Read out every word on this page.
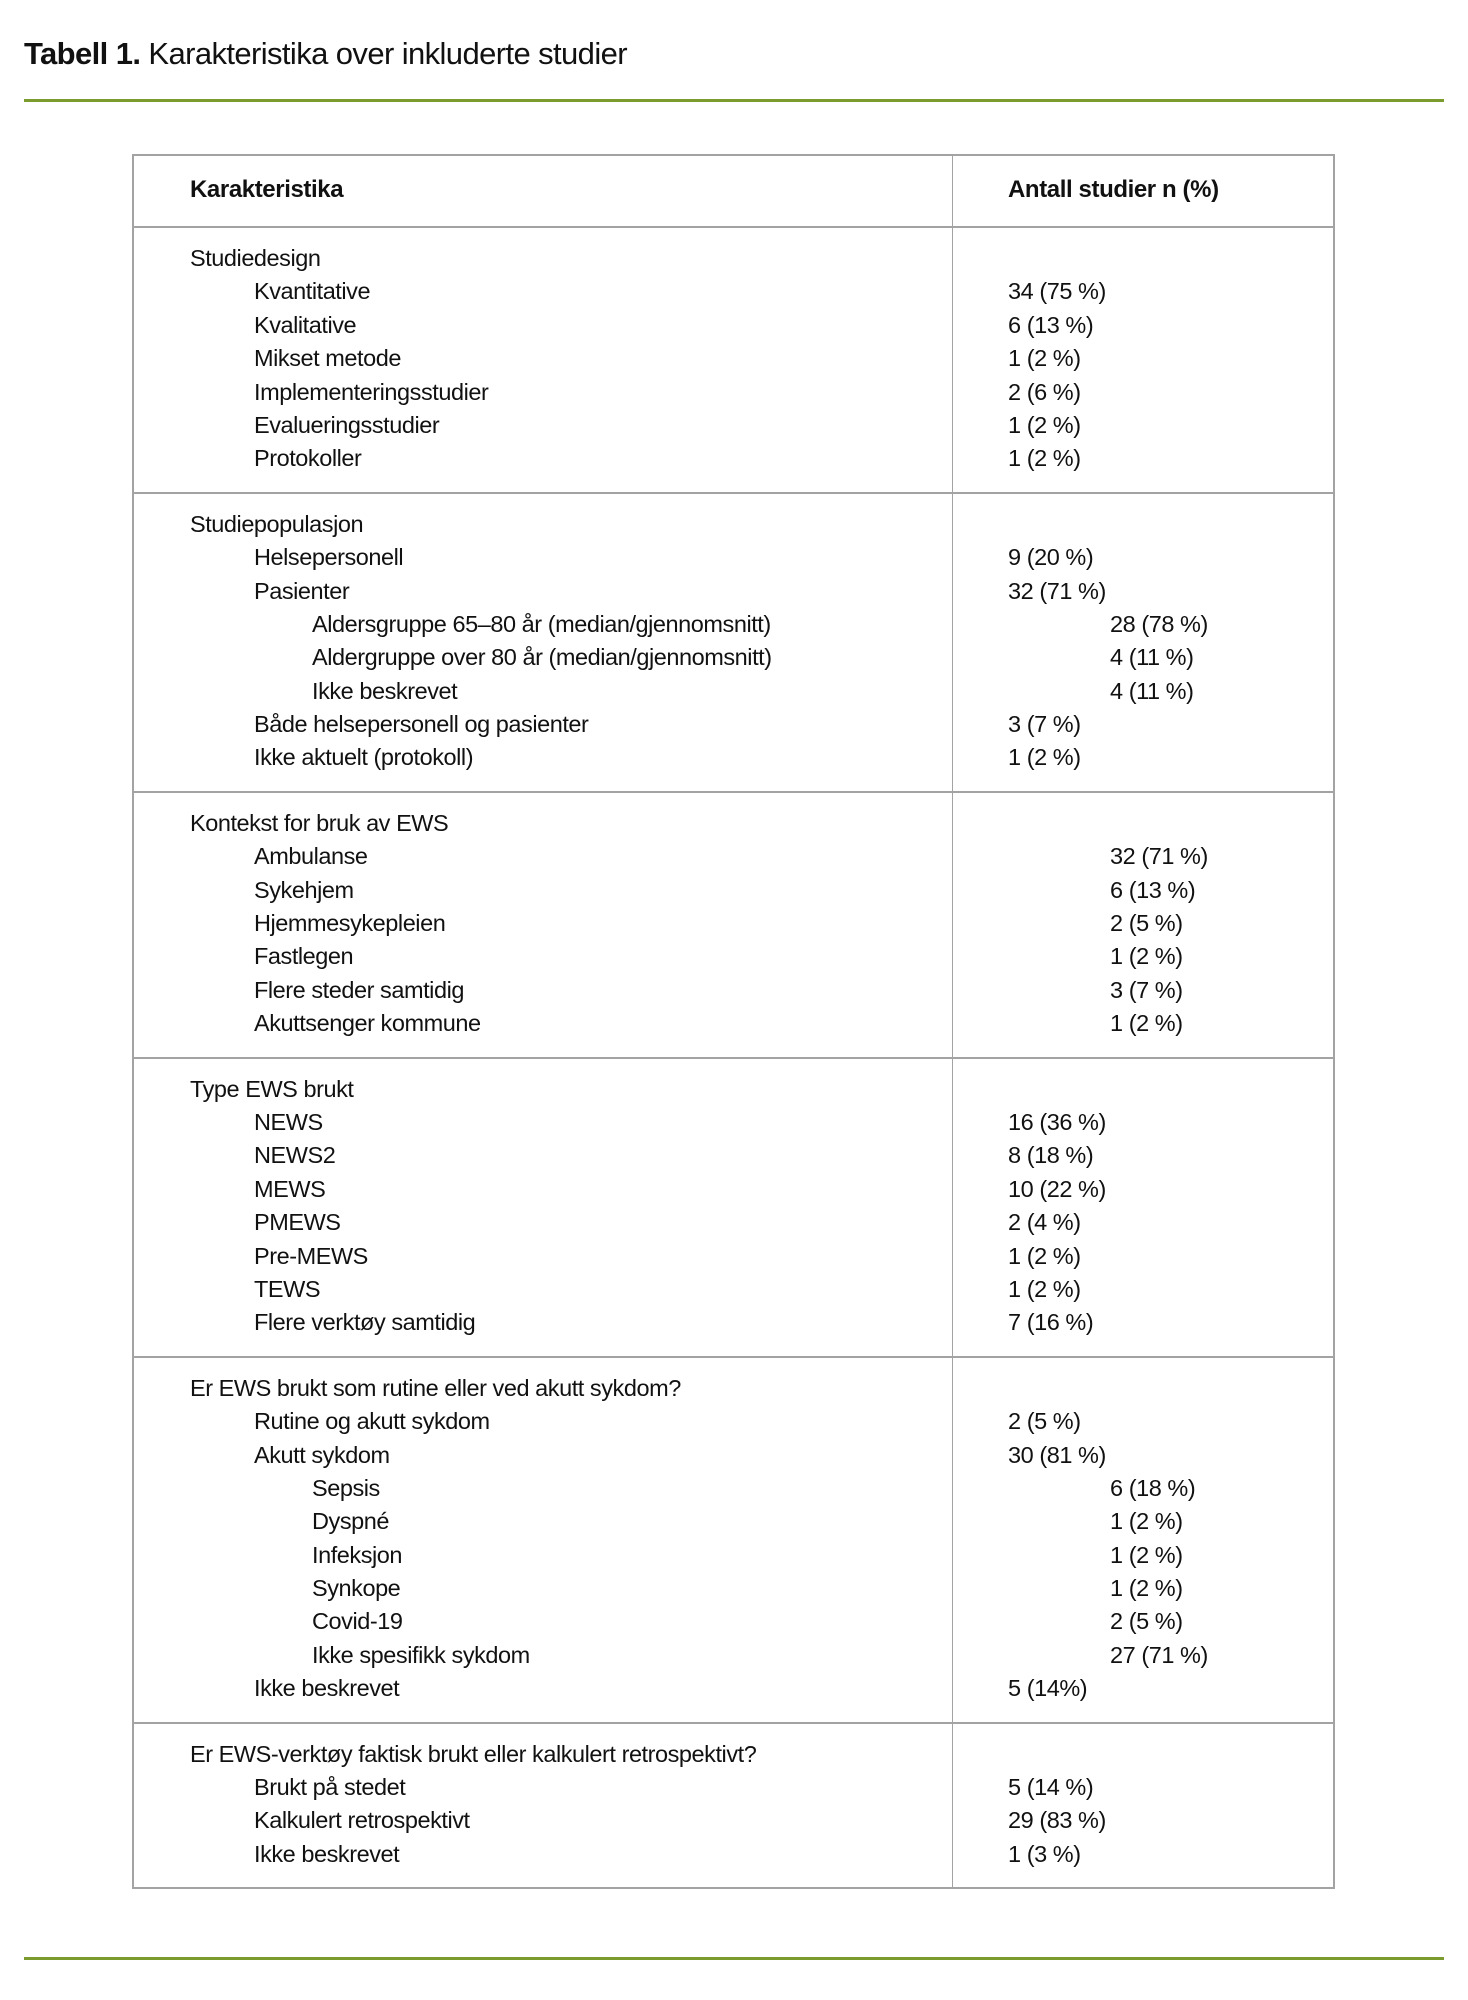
Tabell 1. Karakteristika over inkluderte studier
Karakteristika	Antall studier n (%)
Studiedesign
Kvantitative	34 (75 %)
Kvalitative	6 (13 %)
Mikset metode	1 (2 %)
Implementeringsstudier	2 (6 %)
Evalueringsstudier	1 (2 %)
Protokoller	1 (2 %)
Studiepopulasjon
Helsepersonell	9 (20 %)
Pasienter	32 (71 %)
Aldersgruppe 65–80 år (median/gjennomsnitt)	28 (78 %)
Aldergruppe over 80 år (median/gjennomsnitt)	4 (11 %)
Ikke beskrevet	4 (11 %)
Både helsepersonell og pasienter	3 (7 %)
Ikke aktuelt (protokoll)	1 (2 %)
Kontekst for bruk av EWS
Ambulanse	32 (71 %)
Sykehjem	6 (13 %)
Hjemmesykepleien	2 (5 %)
Fastlegen	1 (2 %)
Flere steder samtidig	3 (7 %)
Akuttsenger kommune	1 (2 %)
Type EWS brukt
NEWS	16 (36 %)
NEWS2	8 (18 %)
MEWS	10 (22 %)
PMEWS	2 (4 %)
Pre-MEWS	1 (2 %)
TEWS	1 (2 %)
Flere verktøy samtidig	7 (16 %)
Er EWS brukt som rutine eller ved akutt sykdom?
Rutine og akutt sykdom	2 (5 %)
Akutt sykdom	30 (81 %)
Sepsis	6 (18 %)
Dyspné	1 (2 %)
Infeksjon	1 (2 %)
Synkope	1 (2 %)
Covid-19	2 (5 %)
Ikke spesifikk sykdom	27 (71 %)
Ikke beskrevet	5 (14%)
Er EWS-verktøy faktisk brukt eller kalkulert retrospektivt?
Brukt på stedet	5 (14 %)
Kalkulert retrospektivt	29 (83 %)
Ikke beskrevet	1 (3 %)
